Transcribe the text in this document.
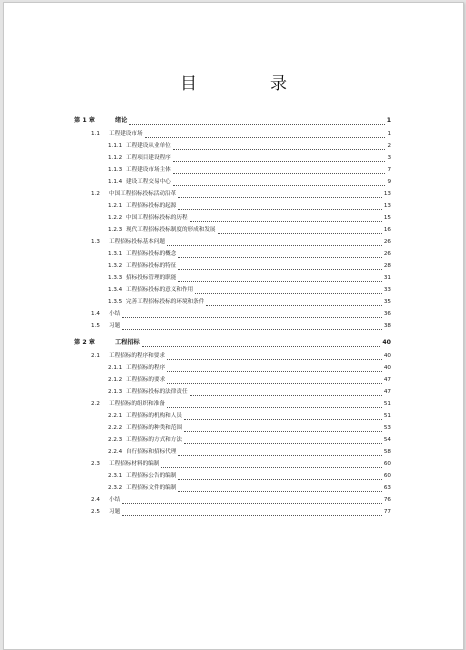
目　录
第 1 章	绪论	1
1.1 工程建设市场	1
1.1.1 工程建设从业单位	2
1.1.2 工程项目建设程序	3
1.1.3 工程建设市场主体	7
1.1.4 建设工程交易中心	9
1.2 中国工程招标投标活动沿革	13
1.2.1 工程招标投标的起源	13
1.2.2 中国工程招标投标的历程	15
1.2.3 现代工程招标投标制度的形成和发展	16
1.3 工程招标投标基本问题	26
1.3.1 工程招标投标的概念	26
1.3.2 工程招标投标的特征	28
1.3.3 招标投标管理的职能	31
1.3.4 工程招标投标的意义和作用	33
1.3.5 完善工程招标投标的环境和条件	35
1.4 小结	36
1.5 习题	38
第 2 章	工程招标	40
2.1 工程招标的程序和要求	40
2.1.1 工程招标的程序	40
2.1.2 工程招标的要求	47
2.1.3 工程招标投标的法律责任	47
2.2 工程招标的组织和准备	51
2.2.1 工程招标的机构和人员	51
2.2.2 工程招标的种类和范围	53
2.2.3 工程招标的方式和方法	54
2.2.4 自行招标和招标代理	58
2.3 工程招标材料的编制	60
2.3.1 工程招标公告的编制	60
2.3.2 工程招标文件的编制	63
2.4 小结	76
2.5 习题	77
